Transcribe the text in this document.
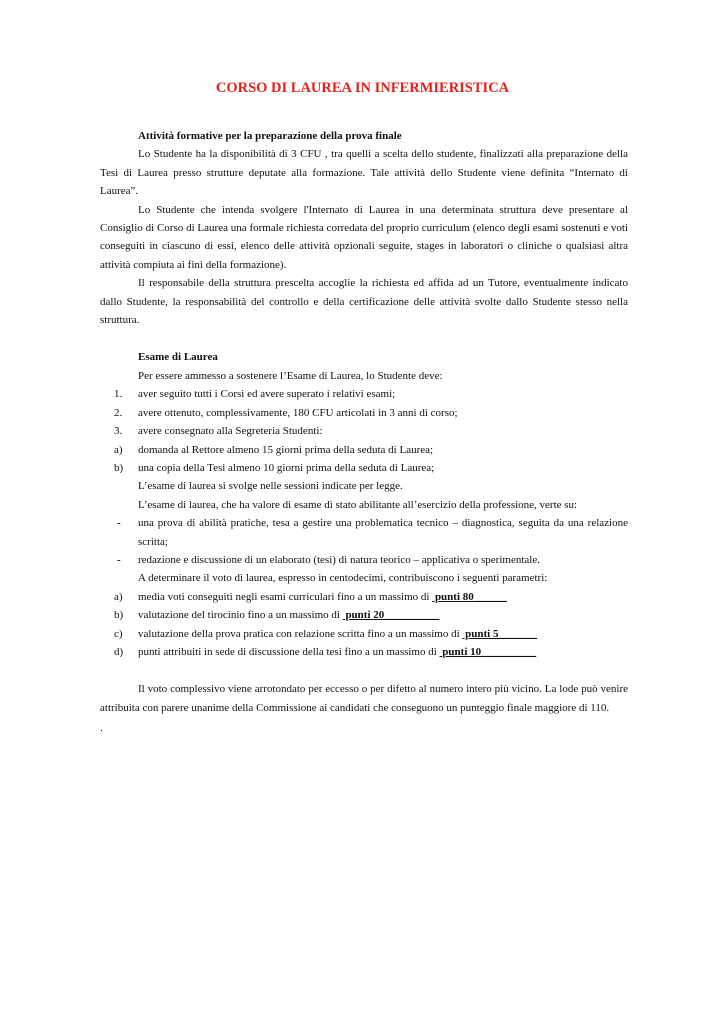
CORSO DI LAUREA IN INFERMIERISTICA
Attività formative per la preparazione della prova finale

Lo Studente ha la disponibilità di 3 CFU , tra quelli a scelta dello studente, finalizzati alla preparazione della Tesi di Laurea presso strutture deputate alla formazione. Tale attività dello Studente viene definita “Internato di Laurea”.

Lo Studente che intenda svolgere l'Internato di Laurea in una determinata struttura deve presentare al Consiglio di Corso di Laurea una formale richiesta corredata del proprio curriculum (elenco degli esami sostenuti e voti conseguiti in ciascuno di essi, elenco delle attività opzionali seguite, stages in laboratori o cliniche o qualsiasi altra attività compiuta ai fini della formazione).

Il responsabile della struttura prescelta accoglie la richiesta ed affida ad un Tutore, eventualmente indicato dallo Studente, la responsabilità del controllo e della certificazione delle attività svolte dallo Studente stesso nella struttura.

Esame di Laurea

Per essere ammesso a sostenere l’Esame di Laurea, lo Studente deve:

1.	aver seguito tutti i Corsi ed avere superato i relativi esami;
2.	avere ottenuto, complessivamente, 180 CFU articolati in 3 anni di corso;
3.	avere consegnato alla Segreteria Studenti:
a)	domanda al Rettore almeno 15 giorni prima della seduta di Laurea;
b)	una copia della Tesi almeno 10 giorni prima della seduta di Laurea;

L’esame di laurea si svolge nelle sessioni indicate per legge.

L’esame di laurea, che ha valore di esame di stato abilitante all’esercizio della professione, verte su:

-	una prova di abilità pratiche, tesa a gestire una problematica tecnico – diagnostica, seguita da una relazione scritta;
-	redazione e discussione di un elaborato (tesi) di natura teorico – applicativa o sperimentale.

A determinare il voto di laurea, espresso in centodecimi, contribuiscono i seguenti parametri:

a)	media voti conseguiti negli esami curriculari fino a un massimo di  punti 80______
b)	valutazione del tirocinio fino a un massimo di  punti 20__________
c)	valutazione della prova pratica con relazione scritta fino a un massimo di  punti 5_______
d)	punti attribuiti in sede di discussione della tesi fino a un massimo di  punti 10__________

Il voto complessivo viene arrotondato per eccesso o per difetto al numero intero più vicino. La lode può venire attribuita con parere unanime della Commissione ai candidati che conseguono un punteggio finale maggiore di 110.

.
